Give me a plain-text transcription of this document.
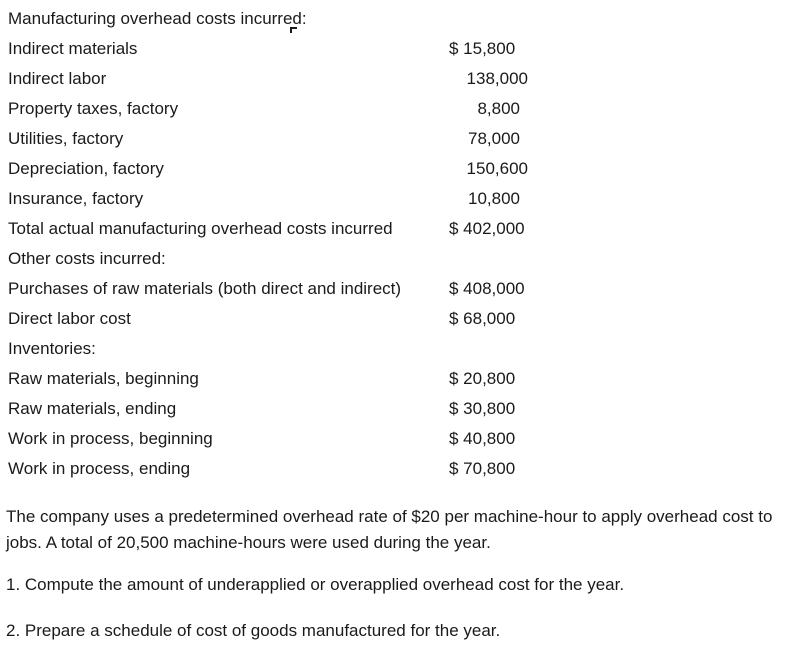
Manufacturing overhead costs incurred:
Indirect materials	$ 15,800
Indirect labor	138,000
Property taxes, factory	8,800
Utilities, factory	78,000
Depreciation, factory	150,600
Insurance, factory	10,800
Total actual manufacturing overhead costs incurred	$ 402,000
Other costs incurred:
Purchases of raw materials (both direct and indirect)	$ 408,000
Direct labor cost	$ 68,000
Inventories:
Raw materials, beginning	$ 20,800
Raw materials, ending	$ 30,800
Work in process, beginning	$ 40,800
Work in process, ending	$ 70,800
The company uses a predetermined overhead rate of $20 per machine-hour to apply overhead cost to jobs. A total of 20,500 machine-hours were used during the year.
1. Compute the amount of underapplied or overapplied overhead cost for the year.
2. Prepare a schedule of cost of goods manufactured for the year.
